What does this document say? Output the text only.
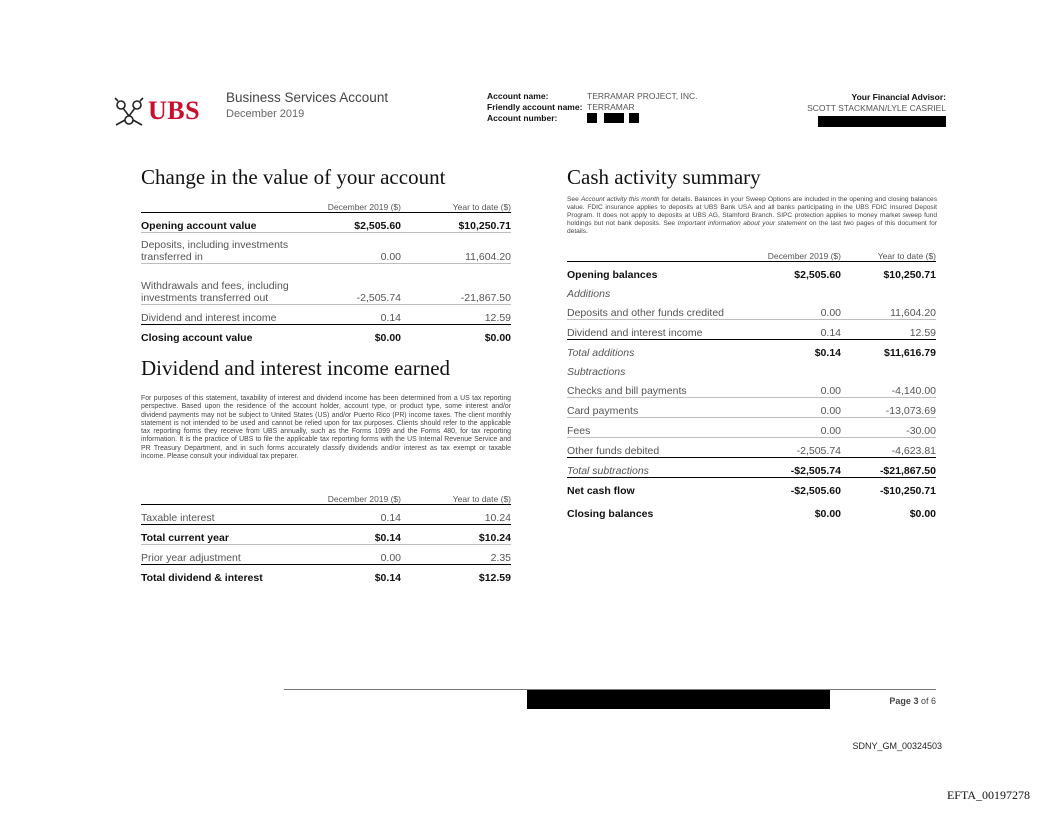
UBS Business Services Account
December 2019
Account name:	TERRAMAR PROJECT, INC.
Friendly account name: TERRAMAR
Account number:
Your Financial Advisor:
SCOTT STACKMAN/LYLE CASRIEL
Change in the value of your account
	December 2019 ($)	Year to date ($)
Opening account value	$2,505.60	$10,250.71
Deposits, including investments transferred in	0.00	11,604.20
Withdrawals and fees, including investments transferred out	-2,505.74	-21,867.50
Dividend and interest income	0.14	12.59
Closing account value	$0.00	$0.00
Dividend and interest income earned
For purposes of this statement, taxability of interest and dividend income has been determined from a US tax reporting perspective. Based upon the residence of the account holder, account type, or product type, some interest and/or dividend payments may not be subject to United States (US) and/or Puerto Rico (PR) income taxes. The client monthly statement is not intended to be used and cannot be relied upon for tax purposes. Clients should refer to the applicable tax reporting forms they receive from UBS annually, such as the Forms 1099 and the Forms 480, for tax reporting information. It is the practice of UBS to file the applicable tax reporting forms with the US Internal Revenue Service and PR Treasury Department, and in such forms accurately classify dividends and/or interest as tax exempt or taxable income. Please consult your individual tax preparer.
	December 2019 ($)	Year to date ($)
Taxable interest	0.14	10.24
Total current year	$0.14	$10.24
Prior year adjustment	0.00	2.35
Total dividend & interest	$0.14	$12.59
Cash activity summary
See Account activity this month for details. Balances in your Sweep Options are included in the opening and closing balances value. FDIC insurance applies to deposits at UBS Bank USA and all banks participating in the UBS FDIC Insured Deposit Program. It does not apply to deposits at UBS AG, Stamford Branch. SIPC protection applies to money market sweep fund holdings but not bank deposits. See Important information about your statement on the last two pages of this document for details.
	December 2019 ($)	Year to date ($)
Opening balances	$2,505.60	$10,250.71
Additions		
Deposits and other funds credited	0.00	11,604.20
Dividend and interest income	0.14	12.59
Total additions	$0.14	$11,616.79
Subtractions		
Checks and bill payments	0.00	-4,140.00
Card payments	0.00	-13,073.69
Fees	0.00	-30.00
Other funds debited	-2,505.74	-4,623.81
Total subtractions	-$2,505.74	-$21,867.50
Net cash flow	-$2,505.60	-$10,250.71
Closing balances	$0.00	$0.00
Page 3 of 6
SDNY_GM_00324503
EFTA_00197278
